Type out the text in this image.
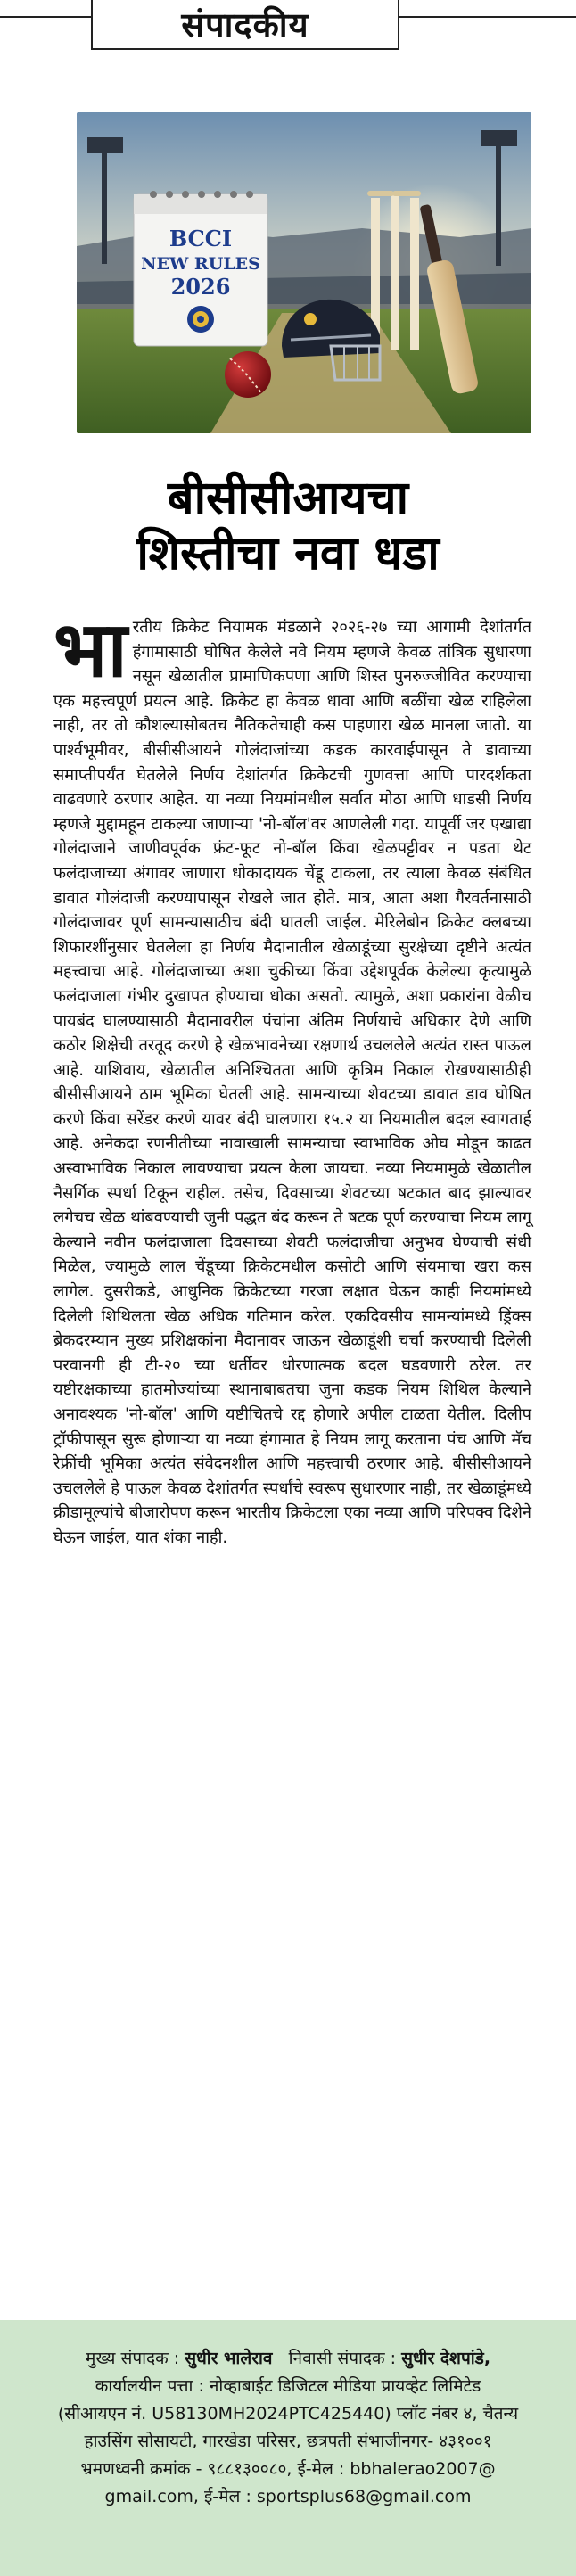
संपादकीय
BCCI
NEW RULES
2026
बीसीसीआयचा
शिस्तीचा नवा धडा
भारतीय क्रिकेट नियामक मंडळाने २०२६-२७ च्या आगामी देशांतर्गत हंगामासाठी घोषित केलेले नवे नियम म्हणजे केवळ तांत्रिक सुधारणा नसून खेळातील प्रामाणिकपणा आणि शिस्त पुनरुज्जीवित करण्याचा एक महत्त्वपूर्ण प्रयत्न आहे. क्रिकेट हा केवळ धावा आणि बळींचा खेळ राहिलेला नाही, तर तो कौशल्यासोबतच नैतिकतेचाही कस पाहणारा खेळ मानला जातो. या पार्श्वभूमीवर, बीसीसीआयने गोलंदाजांच्या कडक कारवाईपासून ते डावाच्या समाप्तीपर्यंत घेतलेले निर्णय देशांतर्गत क्रिकेटची गुणवत्ता आणि पारदर्शकता वाढवणारे ठरणार आहेत. या नव्या नियमांमधील सर्वात मोठा आणि धाडसी निर्णय म्हणजे मुद्दामहून टाकल्या जाणाऱ्या 'नो-बॉल'वर आणलेली गदा. यापूर्वी जर एखाद्या गोलंदाजाने जाणीवपूर्वक फ्रंट-फूट नो-बॉल किंवा खेळपट्टीवर न पडता थेट फलंदाजाच्या अंगावर जाणारा धोकादायक चेंडू टाकला, तर त्याला केवळ संबंधित डावात गोलंदाजी करण्यापासून रोखले जात होते. मात्र, आता अशा गैरवर्तनासाठी गोलंदाजावर पूर्ण सामन्यासाठीच बंदी घातली जाईल. मेरिलेबोन क्रिकेट क्लबच्या शिफारशींनुसार घेतलेला हा निर्णय मैदानातील खेळाडूंच्या सुरक्षेच्या दृष्टीने अत्यंत महत्त्वाचा आहे. गोलंदाजाच्या अशा चुकीच्या किंवा उद्देशपूर्वक केलेल्या कृत्यामुळे फलंदाजाला गंभीर दुखापत होण्याचा धोका असतो. त्यामुळे, अशा प्रकारांना वेळीच पायबंद घालण्यासाठी मैदानावरील पंचांना अंतिम निर्णयाचे अधिकार देणे आणि कठोर शिक्षेची तरतूद करणे हे खेळभावनेच्या रक्षणार्थ उचललेले अत्यंत रास्त पाऊल आहे. याशिवाय, खेळातील अनिश्चितता आणि कृत्रिम निकाल रोखण्यासाठीही बीसीसीआयने ठाम भूमिका घेतली आहे. सामन्याच्या शेवटच्या डावात डाव घोषित करणे किंवा सरेंडर करणे यावर बंदी घालणारा १५.२ या नियमातील बदल स्वागतार्ह आहे. अनेकदा रणनीतीच्या नावाखाली सामन्याचा स्वाभाविक ओघ मोडून काढत अस्वाभाविक निकाल लावण्याचा प्रयत्न केला जायचा. नव्या नियमामुळे खेळातील नैसर्गिक स्पर्धा टिकून राहील. तसेच, दिवसाच्या शेवटच्या षटकात बाद झाल्यावर लगेचच खेळ थांबवण्याची जुनी पद्धत बंद करून ते षटक पूर्ण करण्याचा नियम लागू केल्याने नवीन फलंदाजाला दिवसाच्या शेवटी फलंदाजीचा अनुभव घेण्याची संधी मिळेल, ज्यामुळे लाल चेंडूच्या क्रिकेटमधील कसोटी आणि संयमाचा खरा कस लागेल. दुसरीकडे, आधुनिक क्रिकेटच्या गरजा लक्षात घेऊन काही नियमांमध्ये दिलेली शिथिलता खेळ अधिक गतिमान करेल. एकदिवसीय सामन्यांमध्ये ड्रिंक्स ब्रेकदरम्यान मुख्य प्रशिक्षकांना मैदानावर जाऊन खेळाडूंशी चर्चा करण्याची दिलेली परवानगी ही टी-२० च्या धर्तीवर धोरणात्मक बदल घडवणारी ठरेल. तर यष्टीरक्षकाच्या हातमोज्यांच्या स्थानाबाबतचा जुना कडक नियम शिथिल केल्याने अनावश्यक 'नो-बॉल' आणि यष्टीचितचे रद्द होणारे अपील टाळता येतील. दिलीप ट्रॉफीपासून सुरू होणाऱ्या या नव्या हंगामात हे नियम लागू करताना पंच आणि मॅच रेफ्रींची भूमिका अत्यंत संवेदनशील आणि महत्त्वाची ठरणार आहे. बीसीसीआयने उचललेले हे पाऊल केवळ देशांतर्गत स्पर्धांचे स्वरूप सुधारणार नाही, तर खेळाडूंमध्ये क्रीडामूल्यांचे बीजारोपण करून भारतीय क्रिकेटला एका नव्या आणि परिपक्व दिशेने घेऊन जाईल, यात शंका नाही.
मुख्य संपादक : सुधीर भालेराव निवासी संपादक : सुधीर देशपांडे,
कार्यालयीन पत्ता : नोव्हाबाईट डिजिटल मीडिया प्रायव्हेट लिमिटेड
(सीआयएन नं. U58130MH2024PTC425440) प्लॉट नंबर ४, चैतन्य
हाउसिंग सोसायटी, गारखेडा परिसर, छत्रपती संभाजीनगर- ४३१००१
भ्रमणध्वनी क्रमांक - ९८८१३००८०, ई-मेल : bbhalerao2007@
gmail.com, ई-मेल : sportsplus68@gmail.com
